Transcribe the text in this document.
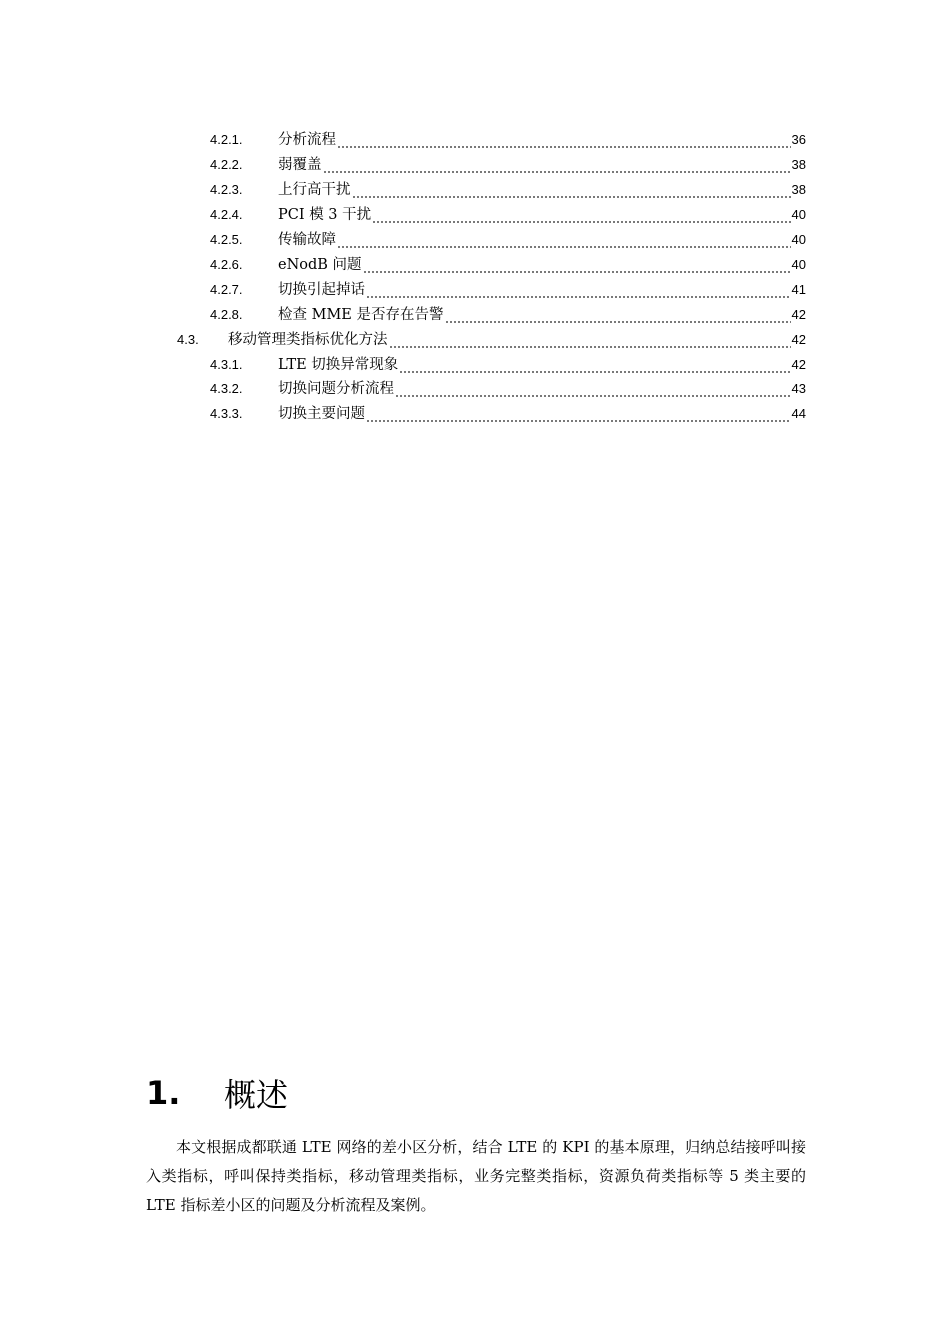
4.2.1.	分析流程	36
4.2.2.	弱覆盖	38
4.2.3.	上行高干扰	38
4.2.4.	PCI 模 3 干扰	40
4.2.5.	传输故障	40
4.2.6.	eNodB 问题	40
4.2.7.	切换引起掉话	41
4.2.8.	检查 MME 是否存在告警	42
4.3.	移动管理类指标优化方法	42
4.3.1.	LTE 切换异常现象	42
4.3.2.	切换问题分析流程	43
4.3.3.	切换主要问题	44
1.	概述

本文根据成都联通 LTE 网络的差小区分析，结合 LTE 的 KPI 的基本原理，归纳总结接呼叫接入类指标，呼叫保持类指标，移动管理类指标，业务完整类指标，资源负荷类指标等 5 类主要的 LTE 指标差小区的问题及分析流程及案例。
